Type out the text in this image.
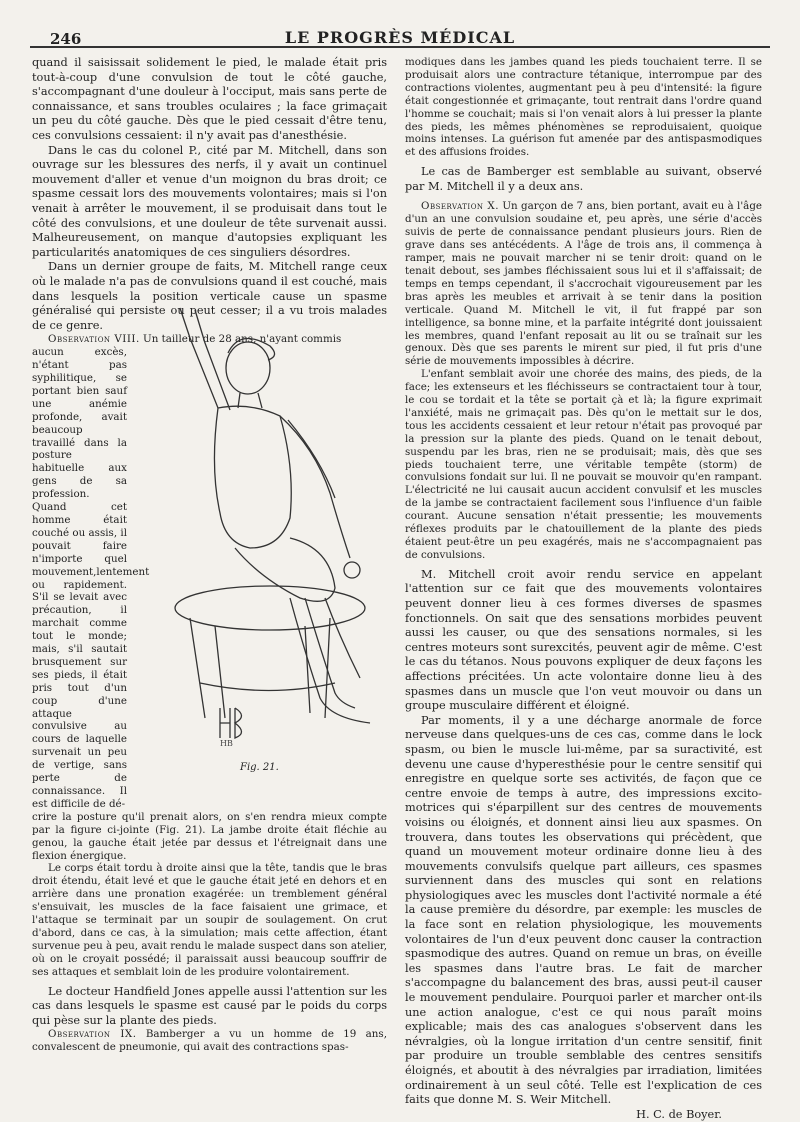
246	LE PROGRÈS MÉDICAL

quand il saisissait solidement le pied, le malade était pris tout-à-coup d'une convulsion de tout le côté gauche, s'accompagnant d'une douleur à l'occiput, mais sans perte de connaissance, et sans troubles oculaires ; la face grimaçait un peu du côté gauche. Dès que le pied cessait d'être tenu, ces convulsions cessaient: il n'y avait pas d'anesthésie.

Dans le cas du colonel P., cité par M. Mitchell, dans son ouvrage sur les blessures des nerfs, il y avait un continuel mouvement d'aller et venue d'un moignon du bras droit; ce spasme cessait lors des mouvements volontaires; mais si l'on venait à arrêter le mouvement, il se produisait dans tout le côté des convulsions, et une douleur de tête survenait aussi. Malheureusement, on manque d'autopsies expliquant les particularités anatomiques de ces singuliers désordres.

Dans un dernier groupe de faits, M. Mitchell range ceux où le malade n'a pas de convulsions quand il est couché, mais dans lesquels la position verticale cause un spasme généralisé qui persiste ou peut cesser; il a vu trois malades de ce genre.

Observation VIII. Un tailleur de 28 ans, n'ayant commis

aucun excès, n'étant pas syphilitique, se portant bien sauf une anémie profonde, avait beaucoup travaillé dans la posture habituelle aux gens de sa profession. Quand cet homme était couché ou assis, il pouvait faire n'importe quel mouvement,lentement ou rapidement. S'il se levait avec précaution, il marchait comme tout le monde; mais, s'il sautait brusquement sur ses pieds, il était pris tout d'un coup d'une attaque convulsive au cours de laquelle survenait un peu de vertige, sans perte de connaissance. Il est difficile de dé-

crire la posture qu'il prenait alors, on s'en rendra mieux compte par la figure ci-jointe (Fig. 21). La jambe droite était fléchie au genou, la gauche était jetée par dessus et l'étreignait dans une flexion énergique.

Le corps était tordu à droite ainsi que la tête, tandis que le bras droit étendu, était levé et que le gauche était jeté en dehors et en arrière dans une pronation exagérée: un tremblement général s'ensuivait, les muscles de la face faisaient une grimace, et l'attaque se terminait par un soupir de soulagement. On crut d'abord, dans ce cas, à la simulation; mais cette affection, étant survenue peu à peu, avait rendu le malade suspect dans son atelier, où on le croyait possédé; il paraissait aussi beaucoup souffrir de ses attaques et semblait loin de les produire volontairement.

Le docteur Handfield Jones appelle aussi l'attention sur les cas dans lesquels le spasme est causé par le poids du corps qui pèse sur la plante des pieds.

Observation IX. Bamberger a vu un homme de 19 ans, convalescent de pneumonie, qui avait des contractions spas-

HB
Fig. 21.

modiques dans les jambes quand les pieds touchaient terre. Il se produisait alors une contracture tétanique, interrompue par des contractions violentes, augmentant peu à peu d'intensité: la figure était congestionnée et grimaçante, tout rentrait dans l'ordre quand l'homme se couchait; mais si l'on venait alors à lui presser la plante des pieds, les mêmes phénomènes se reproduisaient, quoique moins intenses. La guérison fut amenée par des antispasmodiques et des affusions froides.

Le cas de Bamberger est semblable au suivant, observé par M. Mitchell il y a deux ans.

Observation X. Un garçon de 7 ans, bien portant, avait eu à l'âge d'un an une convulsion soudaine et, peu après, une série d'accès suivis de perte de connaissance pendant plusieurs jours. Rien de grave dans ses antécédents. A l'âge de trois ans, il commença à ramper, mais ne pouvait marcher ni se tenir droit: quand on le tenait debout, ses jambes fléchissaient sous lui et il s'affaissait; de temps en temps cependant, il s'accrochait vigoureusement par les bras après les meubles et arrivait à se tenir dans la position verticale. Quand M. Mitchell le vit, il fut frappé par son intelligence, sa bonne mine, et la parfaite intégrité dont jouissaient les membres, quand l'enfant reposait au lit ou se traînait sur les genoux. Dès que ses parents le mirent sur pied, il fut pris d'une série de mouvements impossibles à décrire.

L'enfant semblait avoir une chorée des mains, des pieds, de la face; les extenseurs et les fléchisseurs se contractaient tour à tour, le cou se tordait et la tête se portait çà et là; la figure exprimait l'anxiété, mais ne grimaçait pas. Dès qu'on le mettait sur le dos, tous les accidents cessaient et leur retour n'était pas provoqué par la pression sur la plante des pieds. Quand on le tenait debout, suspendu par les bras, rien ne se produisait; mais, dès que ses pieds touchaient terre, une véritable tempête (storm) de convulsions fondait sur lui. Il ne pouvait se mouvoir qu'en rampant. L'électricité ne lui causait aucun accident convulsif et les muscles de la jambe se contractaient facilement sous l'influence d'un faible courant. Aucune sensation n'était pressentie; les mouvements réflexes produits par le chatouillement de la plante des pieds étaient peut-être un peu exagérés, mais ne s'accompagnaient pas de convulsions.

M. Mitchell croit avoir rendu service en appelant l'attention sur ce fait que des mouvements volontaires peuvent donner lieu à ces formes diverses de spasmes fonctionnels. On sait que des sensations morbides peuvent aussi les causer, ou que des sensations normales, si les centres moteurs sont surexcités, peuvent agir de même. C'est le cas du tétanos. Nous pouvons expliquer de deux façons les affections précitées. Un acte volontaire donne lieu à des spasmes dans un muscle que l'on veut mouvoir ou dans un groupe musculaire différent et éloigné.

Par moments, il y a une décharge anormale de force nerveuse dans quelques-uns de ces cas, comme dans le lock spasm, ou bien le muscle lui-même, par sa suractivité, est devenu une cause d'hyperesthésie pour le centre sensitif qui enregistre en quelque sorte ses activités, de façon que ce centre envoie de temps à autre, des impressions excito-motrices qui s'éparpillent sur des centres de mouvements voisins ou éloignés, et donnent ainsi lieu aux spasmes. On trouvera, dans toutes les observations qui précèdent, que quand un mouvement moteur ordinaire donne lieu à des mouvements convulsifs quelque part ailleurs, ces spasmes surviennent dans des muscles qui sont en relations physiologiques avec les muscles dont l'activité normale a été la cause première du désordre, par exemple: les muscles de la face sont en relation physiologique, les mouvements volontaires de l'un d'eux peuvent donc causer la contraction spasmodique des autres. Quand on remue un bras, on éveille les spasmes dans l'autre bras. Le fait de marcher s'accompagne du balancement des bras, aussi peut-il causer le mouvement pendulaire. Pourquoi parler et marcher ont-ils une action analogue, c'est ce qui nous paraît moins explicable; mais des cas analogues s'observent dans les névralgies, où la longue irritation d'un centre sensitif, finit par produire un trouble semblable des centres sensitifs éloignés, et aboutit à des névralgies par irradiation, limitées ordinairement à un seul côté. Telle est l'explication de ces faits que donne M. S. Weir Mitchell.

H. C. de Boyer.
